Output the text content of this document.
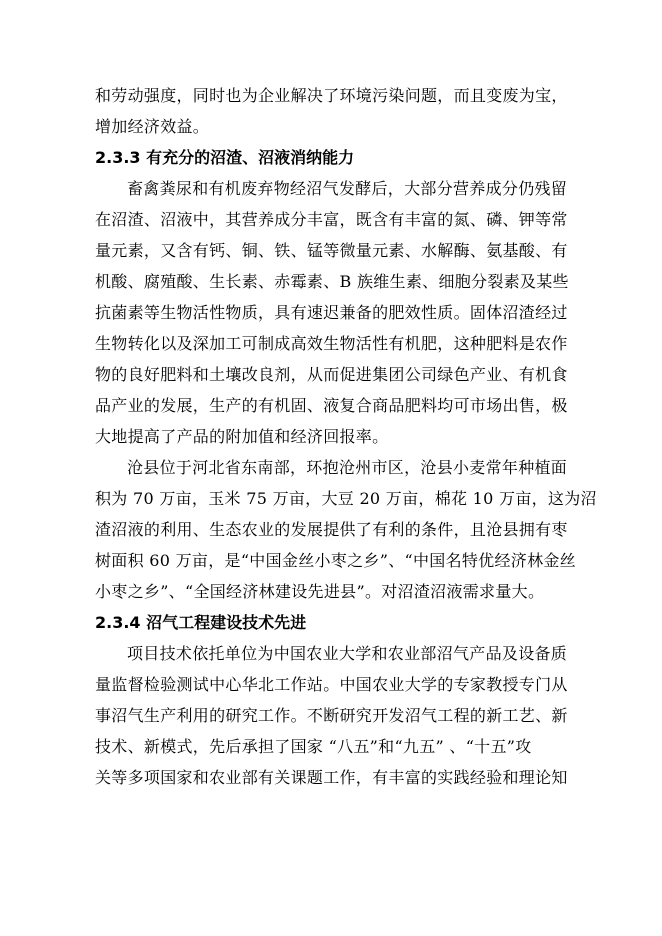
和劳动强度，同时也为企业解决了环境污染问题，而且变废为宝，
增加经济效益。
2.3.3 有充分的沼渣、沼液消纳能力
畜禽粪尿和有机废弃物经沼气发酵后，大部分营养成分仍残留
在沼渣、沼液中，其营养成分丰富，既含有丰富的氮、磷、钾等常
量元素，又含有钙、铜、铁、锰等微量元素、水解酶、氨基酸、有
机酸、腐殖酸、生长素、赤霉素、B 族维生素、细胞分裂素及某些
抗菌素等生物活性物质，具有速迟兼备的肥效性质。固体沼渣经过
生物转化以及深加工可制成高效生物活性有机肥，这种肥料是农作
物的良好肥料和土壤改良剂，从而促进集团公司绿色产业、有机食
品产业的发展，生产的有机固、液复合商品肥料均可市场出售，极
大地提高了产品的附加值和经济回报率。
沧县位于河北省东南部，环抱沧州市区，沧县小麦常年种植面
积为 70 万亩，玉米 75 万亩，大豆 20 万亩，棉花 10 万亩，这为沼
渣沼液的利用、生态农业的发展提供了有利的条件，且沧县拥有枣
树面积 60 万亩，是“中国金丝小枣之乡”、“中国名特优经济林金丝
小枣之乡”、“全国经济林建设先进县”。对沼渣沼液需求量大。
2.3.4 沼气工程建设技术先进
项目技术依托单位为中国农业大学和农业部沼气产品及设备质
量监督检验测试中心华北工作站。中国农业大学的专家教授专门从
事沼气生产利用的研究工作。不断研究开发沼气工程的新工艺、新
技术、新模式，先后承担了国家 “八五”和“九五” 、“十五”攻
关等多项国家和农业部有关课题工作，有丰富的实践经验和理论知
